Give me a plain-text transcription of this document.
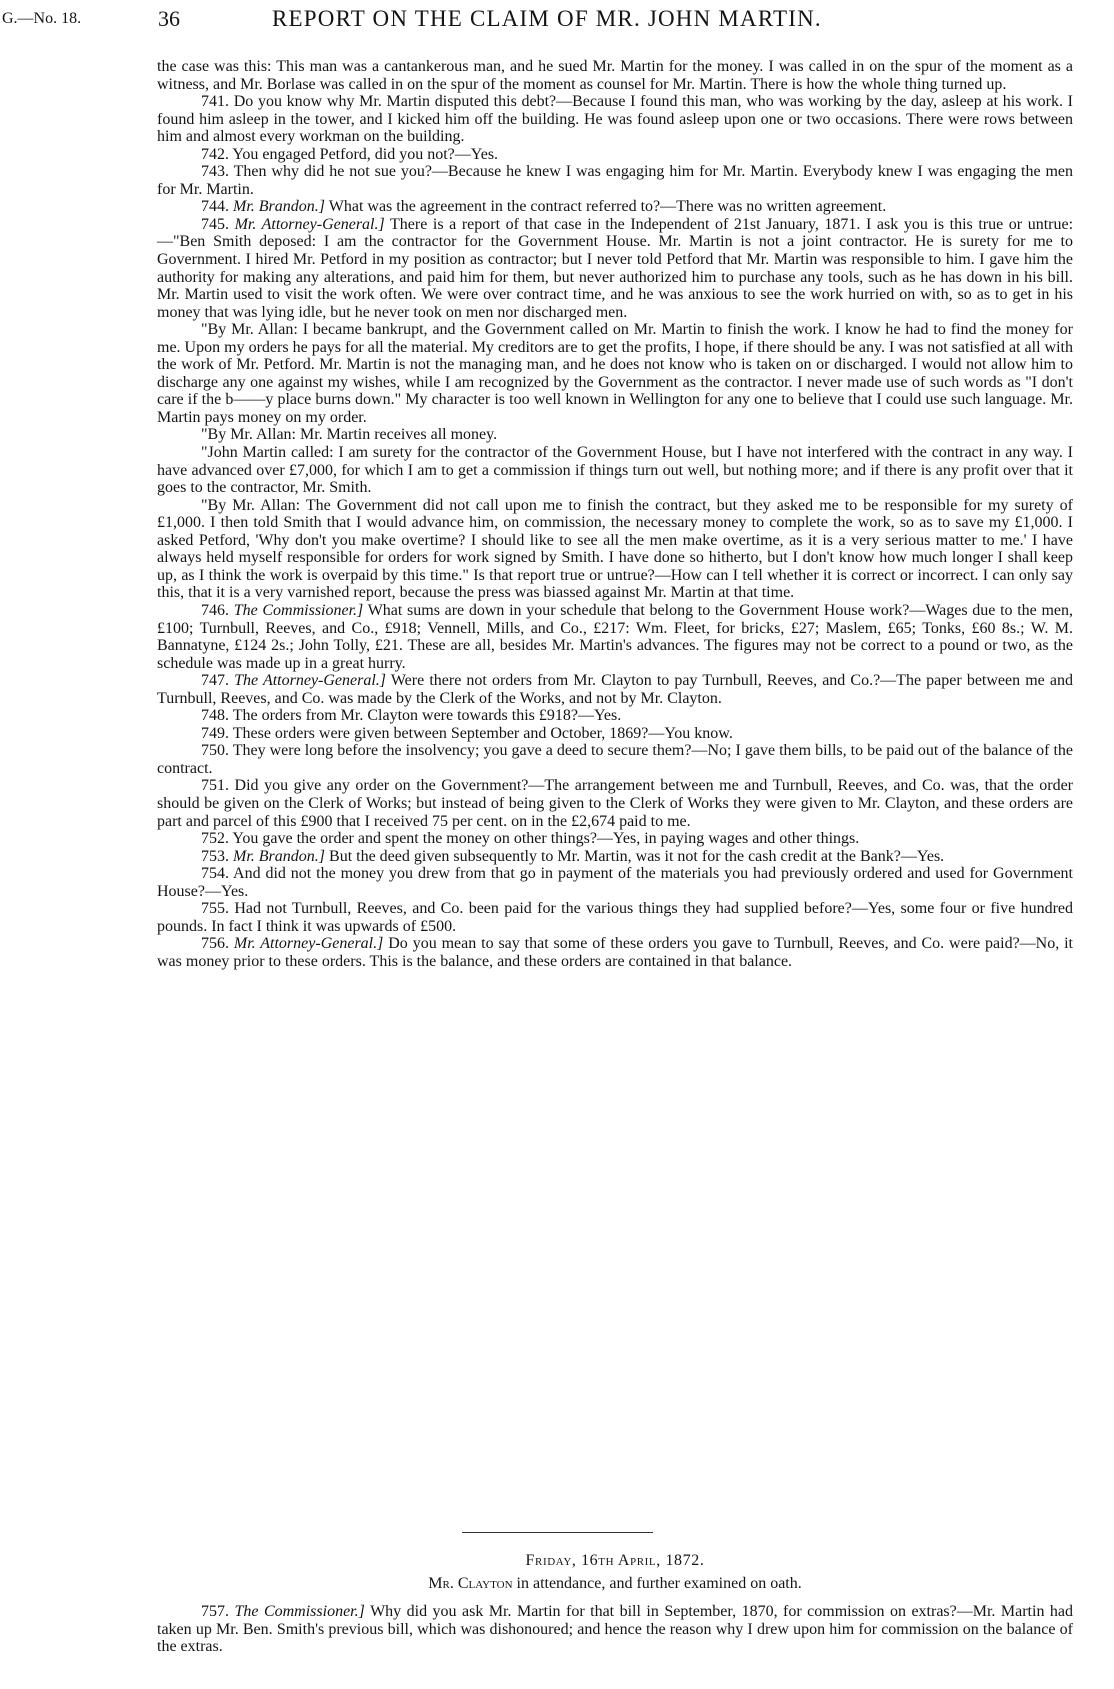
G.—No. 18.	36	REPORT ON THE CLAIM OF MR. JOHN MARTIN.

the case was this: This man was a cantankerous man, and he sued Mr. Martin for the money. I was called in on the spur of the moment as a witness, and Mr. Borlase was called in on the spur of the moment as counsel for Mr. Martin. There is how the whole thing turned up.

741. Do you know why Mr. Martin disputed this debt?—Because I found this man, who was working by the day, asleep at his work. I found him asleep in the tower, and I kicked him off the building. He was found asleep upon one or two occasions. There were rows between him and almost every workman on the building.

742. You engaged Petford, did you not?—Yes.

743. Then why did he not sue you?—Because he knew I was engaging him for Mr. Martin. Everybody knew I was engaging the men for Mr. Martin.

744. Mr. Brandon.] What was the agreement in the contract referred to?—There was no written agreement.

745. Mr. Attorney-General.] There is a report of that case in the Independent of 21st January, 1871. I ask you is this true or untrue:—"Ben Smith deposed: I am the contractor for the Government House. Mr. Martin is not a joint contractor. He is surety for me to Government. I hired Mr. Petford in my position as contractor; but I never told Petford that Mr. Martin was responsible to him. I gave him the authority for making any alterations, and paid him for them, but never authorized him to purchase any tools, such as he has down in his bill. Mr. Martin used to visit the work often. We were over contract time, and he was anxious to see the work hurried on with, so as to get in his money that was lying idle, but he never took on men nor discharged men.

"By Mr. Allan: I became bankrupt, and the Government called on Mr. Martin to finish the work. I know he had to find the money for me. Upon my orders he pays for all the material. My creditors are to get the profits, I hope, if there should be any. I was not satisfied at all with the work of Mr. Petford. Mr. Martin is not the managing man, and he does not know who is taken on or discharged. I would not allow him to discharge any one against my wishes, while I am recognized by the Government as the contractor. I never made use of such words as "I don't care if the b——y place burns down." My character is too well known in Wellington for any one to believe that I could use such language. Mr. Martin pays money on my order.

"By Mr. Allan: Mr. Martin receives all money.

"John Martin called: I am surety for the contractor of the Government House, but I have not interfered with the contract in any way. I have advanced over £7,000, for which I am to get a commission if things turn out well, but nothing more; and if there is any profit over that it goes to the contractor, Mr. Smith.

"By Mr. Allan: The Government did not call upon me to finish the contract, but they asked me to be responsible for my surety of £1,000. I then told Smith that I would advance him, on commission, the necessary money to complete the work, so as to save my £1,000. I asked Petford, 'Why don't you make overtime? I should like to see all the men make overtime, as it is a very serious matter to me.' I have always held myself responsible for orders for work signed by Smith. I have done so hitherto, but I don't know how much longer I shall keep up, as I think the work is overpaid by this time." Is that report true or untrue?—How can I tell whether it is correct or incorrect. I can only say this, that it is a very varnished report, because the press was biassed against Mr. Martin at that time.

746. The Commissioner.] What sums are down in your schedule that belong to the Government House work?—Wages due to the men, £100; Turnbull, Reeves, and Co., £918; Vennell, Mills, and Co., £217: Wm. Fleet, for bricks, £27; Maslem, £65; Tonks, £60 8s.; W. M. Bannatyne, £124 2s.; John Tolly, £21. These are all, besides Mr. Martin's advances. The figures may not be correct to a pound or two, as the schedule was made up in a great hurry.

747. The Attorney-General.] Were there not orders from Mr. Clayton to pay Turnbull, Reeves, and Co.?—The paper between me and Turnbull, Reeves, and Co. was made by the Clerk of the Works, and not by Mr. Clayton.

748. The orders from Mr. Clayton were towards this £918?—Yes.

749. These orders were given between September and October, 1869?—You know.

750. They were long before the insolvency; you gave a deed to secure them?—No; I gave them bills, to be paid out of the balance of the contract.

751. Did you give any order on the Government?—The arrangement between me and Turnbull, Reeves, and Co. was, that the order should be given on the Clerk of Works; but instead of being given to the Clerk of Works they were given to Mr. Clayton, and these orders are part and parcel of this £900 that I received 75 per cent. on in the £2,674 paid to me.

752. You gave the order and spent the money on other things?—Yes, in paying wages and other things.

753. Mr. Brandon.] But the deed given subsequently to Mr. Martin, was it not for the cash credit at the Bank?—Yes.

754. And did not the money you drew from that go in payment of the materials you had previously ordered and used for Government House?—Yes.

755. Had not Turnbull, Reeves, and Co. been paid for the various things they had supplied before?—Yes, some four or five hundred pounds. In fact I think it was upwards of £500.

756. Mr. Attorney-General.] Do you mean to say that some of these orders you gave to Turnbull, Reeves, and Co. were paid?—No, it was money prior to these orders. This is the balance, and these orders are contained in that balance.

Friday, 16th April, 1872.
Mr. Clayton in attendance, and further examined on oath.

757. The Commissioner.] Why did you ask Mr. Martin for that bill in September, 1870, for commission on extras?—Mr. Martin had taken up Mr. Ben. Smith's previous bill, which was dishonoured; and hence the reason why I drew upon him for commission on the balance of the extras.
